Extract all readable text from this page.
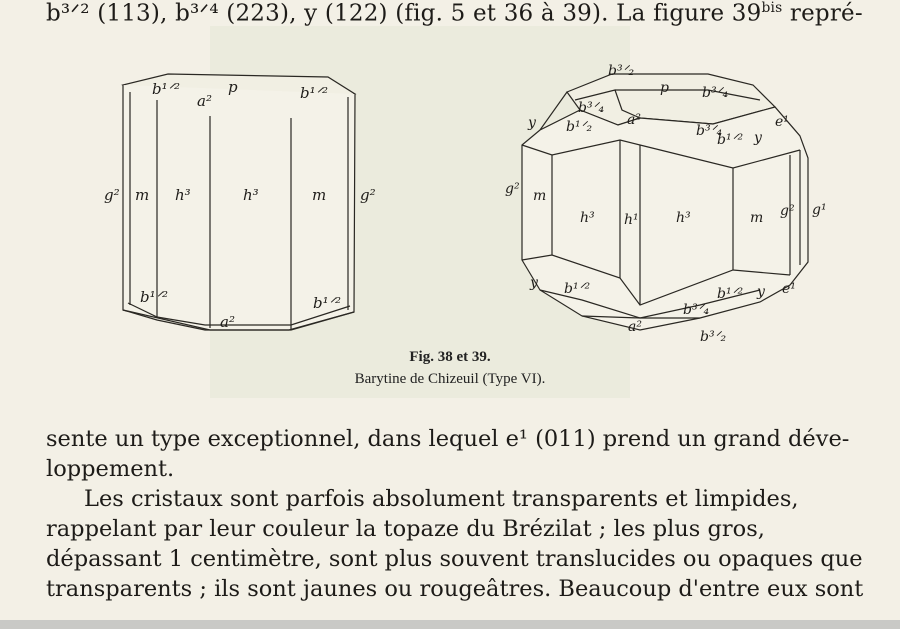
b³ᐟ² (113), b³ᐟ⁴ (223), y (122) (fig. 5 et 36 à 39). La figure $39^{bis}$ repré-
b¹ᐟ²	p
a²	b¹ᐟ²
g² m h³	h³	m g²
b¹ᐟ²	b¹ᐟ²
a²
b³ᐟ₂
p b³ᐟ₄
b³ᐟ₄
b¹ᐟ₂
y	a²
b³ᐟ₄
b¹ᐟ² y
e¹
g² m
h³ h¹	h³	m g² g¹
y b¹ᐟ²
b³ᐟ₄
b¹ᐟ² y e¹
a²
b³ᐟ₂
Fig. 38 et 39.
Barytine de Chizeuil (Type VI).

sente un type exceptionnel, dans lequel e¹ (011) prend un grand déve-

loppement.

Les cristaux sont parfois absolument transparents et limpides,

rappelant par leur couleur la topaze du Brézilat ; les plus gros,

dépassant 1 centimètre, sont plus souvent translucides ou opaques que

transparents ; ils sont jaunes ou rougeâtres. Beaucoup d'entre eux sont
